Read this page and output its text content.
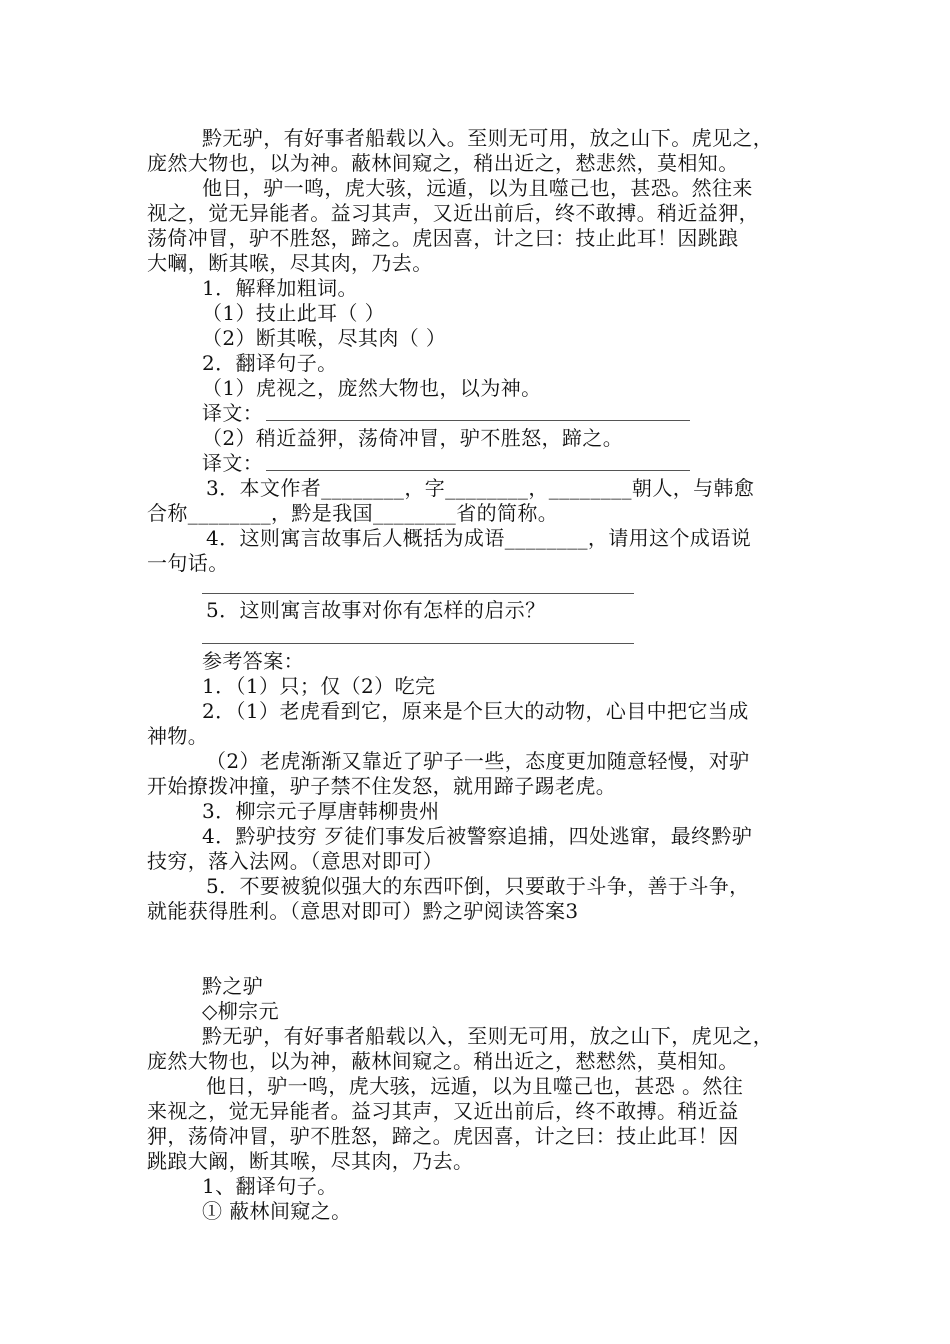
黔无驴，有好事者船载以入。至则无可用，放之山下。虎见之，
庞然大物也，以为神。蔽林间窥之，稍出近之，慭悲然，莫相知。
他日，驴一鸣，虎大骇，远遁，以为且噬己也，甚恐。然往来
视之，觉无异能者。益习其声，又近出前后，终不敢搏。稍近益狎，
荡倚冲冒，驴不胜怒，蹄之。虎因喜，计之曰：技止此耳！因跳踉
大㘎，断其喉，尽其肉，乃去。
1．解释加粗词。
（1）技止此耳（ ）
（2）断其喉，尽其肉（ ）
2．翻译句子。
（1）虎视之，庞然大物也，以为神。
译文：
（2）稍近益狎，荡倚冲冒，驴不胜怒，蹄之。
译文：
3．本文作者________，字________，________朝人，与韩愈
合称________，黔是我国________省的简称。
4．这则寓言故事后人概括为成语________，请用这个成语说
一句话。
5．这则寓言故事对你有怎样的启示？
参考答案：
1．（1）只；仅（2）吃完
2．（1）老虎看到它，原来是个巨大的动物，心目中把它当成
神物。
（2）老虎渐渐又靠近了驴子一些，态度更加随意轻慢，对驴
开始撩拨冲撞，驴子禁不住发怒，就用蹄子踢老虎。
3．柳宗元子厚唐韩柳贵州
4．黔驴技穷 歹徒们事发后被警察追捕，四处逃窜，最终黔驴
技穷，落入法网。（意思对即可）
5．不要被貌似强大的东西吓倒，只要敢于斗争，善于斗争，
就能获得胜利。（意思对即可）黔之驴阅读答案3
黔之驴
◇柳宗元
黔无驴，有好事者船载以入，至则无可用，放之山下，虎见之，
庞然大物也，以为神，蔽林间窥之。稍出近之，慭慭然，莫相知。
他日，驴一鸣，虎大骇，远遁，以为且噬己也，甚恐 。然往
来视之，觉无异能者。益习其声，又近出前后，终不敢搏。稍近益
狎，荡倚冲冒，驴不胜怒，蹄之。虎因喜，计之曰：技止此耳！因
跳踉大阚，断其喉，尽其肉，乃去。
1、翻译句子。
① 蔽林间窥之。
